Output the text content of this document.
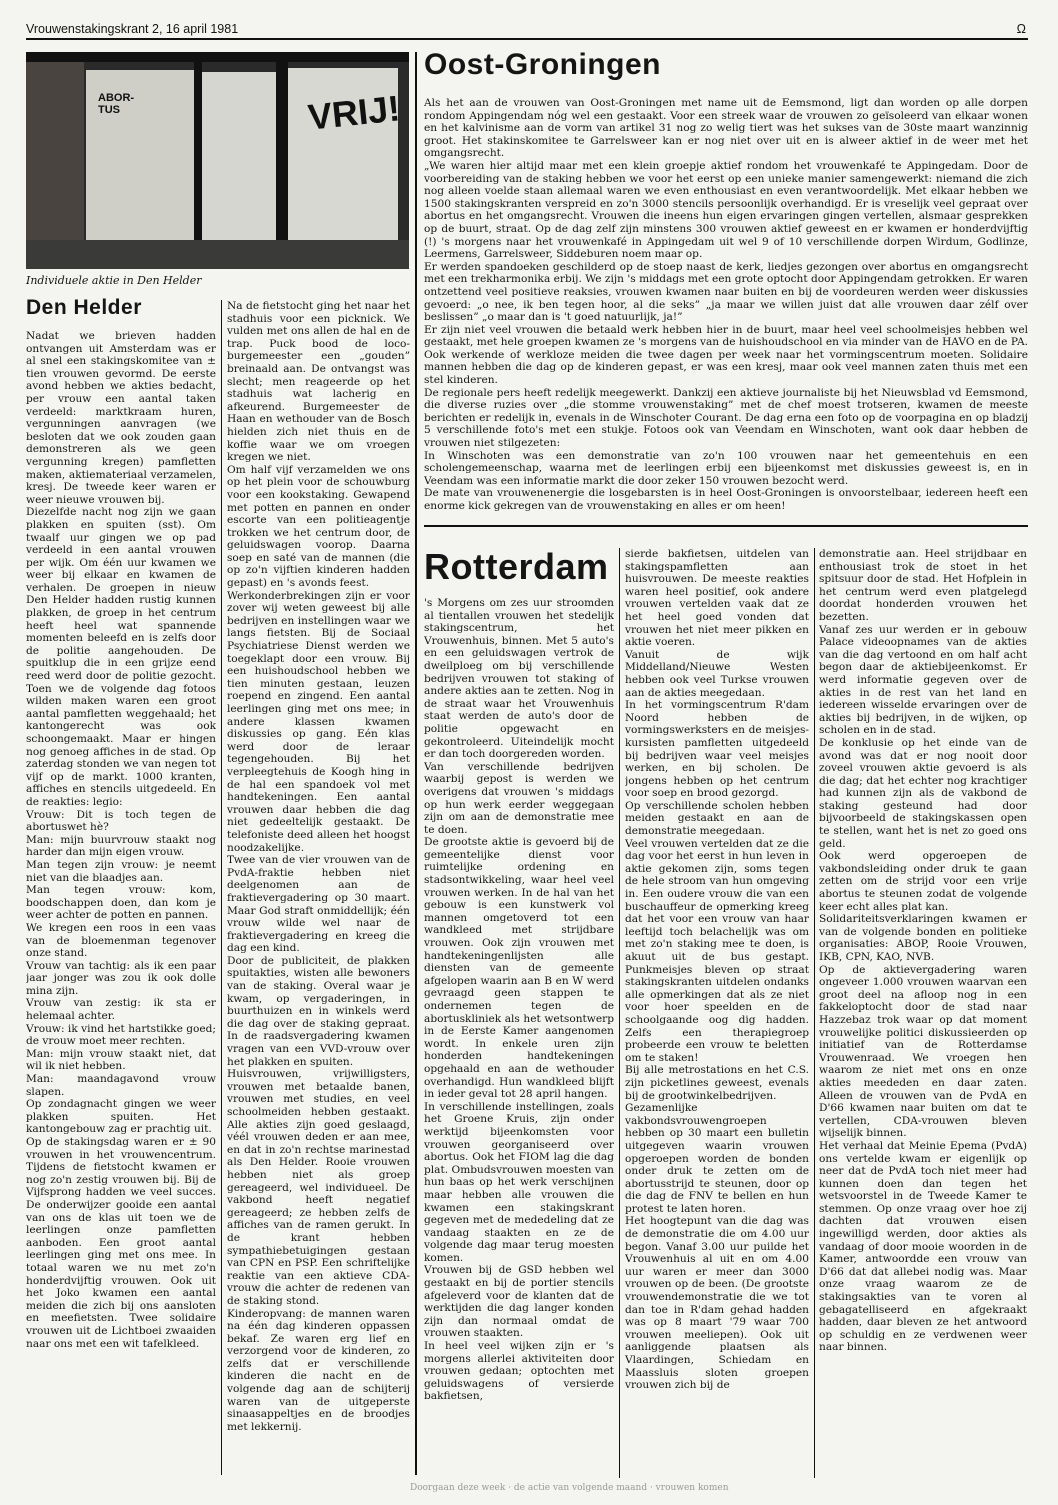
Vrouwenstakingskrant 2, 16 april 1981	Ω
ABOR-TUS	VRIJ!
Individuele aktie in Den Helder
Den Helder

Nadat we brieven hadden ontvangen uit Amsterdam was er al snel een stakingskomitee van ± tien vrouwen gevormd. De eerste avond hebben we akties bedacht, per vrouw een aantal taken verdeeld: marktkraam huren, vergunningen aanvragen (we besloten dat we ook zouden gaan demonstreren als we geen vergunning kregen) pamfletten maken, aktiemateriaal verzamelen, kresj. De tweede keer waren er weer nieuwe vrouwen bij.

Diezelfde nacht nog zijn we gaan plakken en spuiten (sst). Om twaalf uur gingen we op pad verdeeld in een aantal vrouwen per wijk. Om één uur kwamen we weer bij elkaar en kwamen de verhalen. De groepen in nieuw Den Helder hadden rustig kunnen plakken, de groep in het centrum heeft heel wat spannende momenten beleefd en is zelfs door de politie aangehouden. De spuitklup die in een grijze eend reed werd door de politie gezocht. Toen we de volgende dag fotoos wilden maken waren een groot aantal pamfletten weggehaald; het kantongerecht was ook schoongemaakt. Maar er hingen nog genoeg affiches in de stad. Op zaterdag stonden we van negen tot vijf op de markt. 1000 kranten, affiches en stencils uitgedeeld. En de reakties: legio:

Vrouw: Dit is toch tegen de abortuswet hè?

Man: mijn buurvrouw staakt nog harder dan mijn eigen vrouw.

Man tegen zijn vrouw: je neemt niet van die blaadjes aan.

Man tegen vrouw: kom, boodschappen doen, dan kom je weer achter de potten en pannen.

We kregen een roos in een vaas van de bloemenman tegenover onze stand.

Vrouw van tachtig: als ik een paar jaar jonger was zou ik ook dolle mina zijn.

Vrouw van zestig: ik sta er helemaal achter.

Vrouw: ik vind het hartstikke goed; de vrouw moet meer rechten.

Man: mijn vrouw staakt niet, dat wil ik niet hebben.

Man: maandagavond vrouw slapen.

Op zondagnacht gingen we weer plakken spuiten. Het kantongebouw zag er prachtig uit.

Op de stakingsdag waren er ± 90 vrouwen in het vrouwencentrum. Tijdens de fietstocht kwamen er nog zo'n zestig vrouwen bij. Bij de Vijfsprong hadden we veel succes. De onderwijzer gooide een aantal van ons de klas uit toen we de leerlingen onze pamfletten aanboden. Een groot aantal leerlingen ging met ons mee. In totaal waren we nu met zo'n honderdvijftig vrouwen. Ook uit het Joko kwamen een aantal meiden die zich bij ons aansloten en meefietsten. Twee solidaire vrouwen uit de Lichtboei zwaaiden naar ons met een wit tafelkleed.

Na de fietstocht ging het naar het stadhuis voor een picknick. We vulden met ons allen de hal en de trap. Puck bood de loco-burgemeester een „gouden” breinaald aan. De ontvangst was slecht; men reageerde op het stadhuis wat lacherig en afkeurend. Burgemeester de Haan en wethouder van de Bosch hielden zich niet thuis en de koffie waar we om vroegen kregen we niet.

Om half vijf verzamelden we ons op het plein voor de schouwburg voor een kookstaking. Gewapend met potten en pannen en onder escorte van een politieagentje trokken we het centrum door, de geluidswagen voorop. Daarna soep en saté van de mannen (die op zo'n vijftien kinderen hadden gepast) en 's avonds feest.

Werkonderbrekingen zijn er voor zover wij weten geweest bij alle bedrijven en instellingen waar we langs fietsten. Bij de Sociaal Psychiatriese Dienst werden we toegeklapt door een vrouw. Bij een huishoudschool hebben we tien minuten gestaan, leuzen roepend en zingend. Een aantal leerlingen ging met ons mee; in andere klassen kwamen diskussies op gang. Eén klas werd door de leraar tegengehouden. Bij het verpleegtehuis de Koogh hing in de hal een spandoek vol met handtekeningen. Een aantal vrouwen daar hebben die dag niet gedeeltelijk gestaakt. De telefoniste deed alleen het hoogst noodzakelijke.

Twee van de vier vrouwen van de PvdA-fraktie hebben niet deelgenomen aan de fraktievergadering op 30 maart. Maar God straft onmiddellijk; één vrouw wilde wel naar de fraktievergadering en kreeg die dag een kind.

Door de publiciteit, de plakken spuitakties, wisten alle bewoners van de staking. Overal waar je kwam, op vergaderingen, in buurthuizen en in winkels werd die dag over de staking gepraat. In de raadsvergadering kwamen vragen van een VVD-vrouw over het plakken en spuiten.

Huisvrouwen, vrijwilligsters, vrouwen met betaalde banen, vrouwen met studies, en veel schoolmeiden hebben gestaakt. Alle akties zijn goed geslaagd, véél vrouwen deden er aan mee, en dat in zo'n rechtse marinestad als Den Helder. Rooie vrouwen hebben niet als groep gereageerd, wel individueel. De vakbond heeft negatief gereageerd; ze hebben zelfs de affiches van de ramen gerukt. In de krant hebben sympathiebetuigingen gestaan van CPN en PSP. Een schriftelijke reaktie van een aktieve CDA-vrouw die achter de redenen van de staking stond.

Kinderopvang: de mannen waren na één dag kinderen oppassen bekaf. Ze waren erg lief en verzorgend voor de kinderen, zo zelfs dat er verschillende kinderen die nacht en de volgende dag aan de schijterij waren van de uitgeperste sinaasappeltjes en de broodjes met lekkernij.

Oost-Groningen

Als het aan de vrouwen van Oost-Groningen met name uit de Eemsmond, ligt dan worden op alle dorpen rondom Appingendam nóg wel een gestaakt. Voor een streek waar de vrouwen zo geïsoleerd van elkaar wonen en het kalvinisme aan de vorm van artikel 31 nog zo welig tiert was het sukses van de 30ste maart wanzinnig groot. Het stakinskomitee te Garrelsweer kan er nog niet over uit en is alweer aktief in de weer met het omgangsrecht.

„We waren hier altijd maar met een klein groepje aktief rondom het vrouwenkafé te Appingedam. Door de voorbereiding van de staking hebben we voor het eerst op een unieke manier samengewerkt: niemand die zich nog alleen voelde staan allemaal waren we even enthousiast en even verantwoordelijk. Met elkaar hebben we 1500 stakingskranten verspreid en zo'n 3000 stencils persoonlijk overhandigd. Er is vreselijk veel gepraat over abortus en het omgangsrecht. Vrouwen die ineens hun eigen ervaringen gingen vertellen, alsmaar gesprekken op de buurt, straat. Op de dag zelf zijn minstens 300 vrouwen aktief geweest en er kwamen er honderdvijftig (!) 's morgens naar het vrouwenkafé in Appingedam uit wel 9 of 10 verschillende dorpen Wirdum, Godlinze, Leermens, Garrelsweer, Siddeburen noem maar op.

Er werden spandoeken geschilderd op de stoep naast de kerk, liedjes gezongen over abortus en omgangsrecht met een trekharmonika erbij. We zijn 's middags met een grote optocht door Appingendam getrokken. Er waren ontzettend veel positieve reaksies, vrouwen kwamen naar buiten en bij de voordeuren werden weer diskussies gevoerd: „o nee, ik ben tegen hoor, al die seks” „ja maar we willen juist dat alle vrouwen daar zélf over beslissen” „o maar dan is 't goed natuurlijk, ja!”

Er zijn niet veel vrouwen die betaald werk hebben hier in de buurt, maar heel veel schoolmeisjes hebben wel gestaakt, met hele groepen kwamen ze 's morgens van de huishoudschool en via minder van de HAVO en de PA. Ook werkende of werkloze meiden die twee dagen per week naar het vormingscentrum moeten. Solidaire mannen hebben die dag op de kinderen gepast, er was een kresj, maar ook veel mannen zaten thuis met een stel kinderen.

De regionale pers heeft redelijk meegewerkt. Dankzij een aktieve journaliste bij het Nieuwsblad vd Eemsmond, die diverse ruzies over „die stomme vrouwenstaking” met de chef moest trotseren, kwamen de meeste berichten er redelijk in, evenals in de Winschoter Courant. De dag erna een foto op de voorpagina en op bladzij 5 verschillende foto's met een stukje. Fotoos ook van Veendam en Winschoten, want ook daar hebben de vrouwen niet stilgezeten:

In Winschoten was een demonstratie van zo'n 100 vrouwen naar het gemeentehuis en een scholengemeenschap, waarna met de leerlingen erbij een bijeenkomst met diskussies geweest is, en in Veendam was een informatie markt die door zeker 150 vrouwen bezocht werd.

De mate van vrouwenenergie die losgebarsten is in heel Oost-Groningen is onvoorstelbaar, iedereen heeft een enorme kick gekregen van de vrouwenstaking en alles er om heen!

Rotterdam

's Morgens om zes uur stroomden al tientallen vrouwen het stedelijk stakingscentrum, het Vrouwenhuis, binnen. Met 5 auto's en een geluidswagen vertrok de dweilploeg om bij verschillende bedrijven vrouwen tot staking of andere akties aan te zetten. Nog in de straat waar het Vrouwenhuis staat werden de auto's door de politie opgewacht en gekontroleerd. Uiteindelijk mocht er dan toch doorgereden worden.

Van verschillende bedrijven waarbij gepost is werden we overigens dat vrouwen 's middags op hun werk eerder weggegaan zijn om aan de demonstratie mee te doen.

De grootste aktie is gevoerd bij de gemeentelijke dienst voor ruimtelijke ordening en stadsontwikkeling, waar heel veel vrouwen werken. In de hal van het gebouw is een kunstwerk vol mannen omgetoverd tot een wandkleed met strijdbare vrouwen. Ook zijn vrouwen met handtekeningenlijsten alle diensten van de gemeente afgelopen waarin aan B en W werd gevraagd geen stappen te ondernemen tegen de abortuskliniek als het wetsontwerp in de Eerste Kamer aangenomen wordt. In enkele uren zijn honderden handtekeningen opgehaald en aan de wethouder overhandigd. Hun wandkleed blijft in ieder geval tot 28 april hangen.

In verschillende instellingen, zoals het Groene Kruis, zijn onder werktijd bijeenkomsten voor vrouwen georganiseerd over abortus. Ook het FIOM lag die dag plat. Ombudsvrouwen moesten van hun baas op het werk verschijnen maar hebben alle vrouwen die kwamen een stakingskrant gegeven met de mededeling dat ze vandaag staakten en ze de volgende dag maar terug moesten komen.

Vrouwen bij de GSD hebben wel gestaakt en bij de portier stencils afgeleverd voor de klanten dat de werktijden die dag langer konden zijn dan normaal omdat de vrouwen staakten.

In heel veel wijken zijn er 's morgens allerlei aktiviteiten door vrouwen gedaan; optochten met geluidswagens of versierde bakfietsen,

sierde bakfietsen, uitdelen van stakingspamfletten aan huisvrouwen. De meeste reakties waren heel positief, ook andere vrouwen vertelden vaak dat ze het heel goed vonden dat vrouwen het niet meer pikken en aktie voeren.

Vanuit de wijk Middelland/Nieuwe Westen hebben ook veel Turkse vrouwen aan de akties meegedaan.

In het vormingscentrum R'dam Noord hebben de vormingswerksters en de meisjes-kursisten pamfletten uitgedeeld bij bedrijven waar veel meisjes werken, en bij scholen. De jongens hebben op het centrum voor soep en brood gezorgd.

Op verschillende scholen hebben meiden gestaakt en aan de demonstratie meegedaan.

Veel vrouwen vertelden dat ze die dag voor het eerst in hun leven in aktie gekomen zijn, soms tegen de hele stroom van hun omgeving in. Een oudere vrouw die van een buschauffeur de opmerking kreeg dat het voor een vrouw van haar leeftijd toch belachelijk was om met zo'n staking mee te doen, is akuut uit de bus gestapt. Punkmeisjes bleven op straat stakingskranten uitdelen ondanks alle opmerkingen dat als ze niet voor hoer speelden en de schoolgaande oog dig hadden. Zelfs een therapiegroep probeerde een vrouw te beletten om te staken!

Bij alle metrostations en het C.S. zijn picketlines geweest, evenals bij de grootwinkelbedrijven.

Gezamenlijke vakbondsvrouwengroepen hebben op 30 maart een bulletin uitgegeven waarin vrouwen opgeroepen worden de bonden onder druk te zetten om de abortusstrijd te steunen, door op die dag de FNV te bellen en hun protest te laten horen.

Het hoogtepunt van die dag was de demonstratie die om 4.00 uur begon. Vanaf 3.00 uur puilde het Vrouwenhuis al uit en om 4.00 uur waren er meer dan 3000 vrouwen op de been. (De grootste vrouwendemonstratie die we tot dan toe in R'dam gehad hadden was op 8 maart '79 waar 700 vrouwen meeliepen). Ook uit aanliggende plaatsen als Vlaardingen, Schiedam en Maassluis sloten groepen vrouwen zich bij de

demonstratie aan. Heel strijdbaar en enthousiast trok de stoet in het spitsuur door de stad. Het Hofplein in het centrum werd even platgelegd doordat honderden vrouwen het bezetten.

Vanaf zes uur werden er in gebouw Palace videoopnames van de akties van die dag vertoond en om half acht begon daar de aktiebijeenkomst. Er werd informatie gegeven over de akties in de rest van het land en iedereen wisselde ervaringen over de akties bij bedrijven, in de wijken, op scholen en in de stad.

De konklusie op het einde van de avond was dat er nog nooit door zoveel vrouwen aktie gevoerd is als die dag; dat het echter nog krachtiger had kunnen zijn als de vakbond de staking gesteund had door bijvoorbeeld de stakingskassen open te stellen, want het is net zo goed ons geld.

Ook werd opgeroepen de vakbondsleiding onder druk te gaan zetten om de strijd voor een vrije abortus te steunen zodat de volgende keer echt alles plat kan.

Solidariteitsverklaringen kwamen er van de volgende bonden en politieke organisaties: ABOP, Rooie Vrouwen, IKB, CPN, KAO, NVB.

Op de aktievergadering waren ongeveer 1.000 vrouwen waarvan een groot deel na afloop nog in een fakkeloptocht door de stad naar Hazzebaz trok waar op dat moment vrouwelijke politici diskussieerden op initiatief van de Rotterdamse Vrouwenraad. We vroegen hen waarom ze niet met ons en onze akties meededen en daar zaten. Alleen de vrouwen van de PvdA en D'66 kwamen naar buiten om dat te vertellen, CDA-vrouwen bleven wijselijk binnen.

Het verhaal dat Meinie Epema (PvdA) ons vertelde kwam er eigenlijk op neer dat de PvdA toch niet meer had kunnen doen dan tegen het wetsvoorstel in de Tweede Kamer te stemmen. Op onze vraag over hoe zij dachten dat vrouwen eisen ingewilligd werden, door akties als vandaag of door mooie woorden in de Kamer, antwoordde een vrouw van D'66 dat dat allebei nodig was. Maar onze vraag waarom ze de stakingsakties van te voren al gebagatelliseerd en afgekraakt hadden, daar bleven ze het antwoord op schuldig en ze verdwenen weer naar binnen.

Doorgaan deze week · de actie van volgende maand · vrouwen komen
